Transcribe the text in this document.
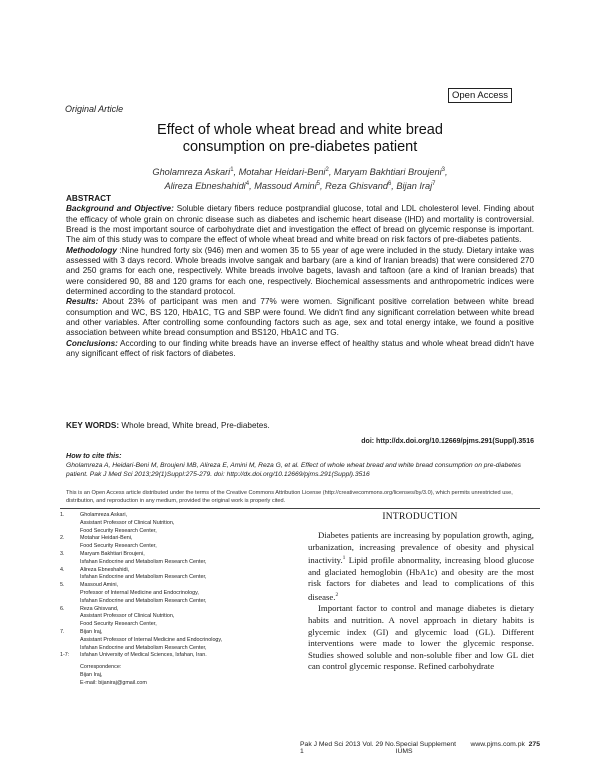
Open Access
Original Article
Effect of whole wheat bread and white bread
consumption on pre-diabetes patient
Gholamreza Askari$^1$, Motahar Heidari-Beni$^2$, Maryam Bakhtiari Broujeni$^3$,
Alireza Ebneshahidi$^4$, Massoud Amini$^5$, Reza Ghisvand$^6$, Bijan Iraj$^7$

ABSTRACT

Background and Objective: Soluble dietary fibers reduce postprandial glucose, total and LDL cholesterol level. Finding about the efficacy of whole grain on chronic disease such as diabetes and ischemic heart disease (IHD) and mortality is controversial. Bread is the most important source of carbohydrate diet and investigation the effect of bread on glycemic response is important. The aim of this study was to compare the effect of whole wheat bread and white bread on risk factors of pre-diabetes patients.

Methodology :Nine hundred forty six (946) men and women 35 to 55 year of age were included in the study. Dietary intake was assessed with 3 days record. Whole breads involve sangak and barbary (are a kind of Iranian breads) that were considered 270 and 250 grams for each one, respectively. White breads involve bagets, lavash and taftoon (are a kind of Iranian breads) that were considered 90, 88 and 120 grams for each one, respectively. Biochemical assessments and anthropometric indices were determined according to the standard protocol.

Results: About 23% of participant was men and 77% were women. Significant positive correlation between white bread consumption and WC, BS 120, HbA1C, TG and SBP were found. We didn't find any significant correlation between white bread and other variables. After controlling some confounding factors such as age, sex and total energy intake, we found a positive association between white bread consumption and BS120, HbA1C and TG.

Conclusions: According to our finding white breads have an inverse effect of healthy status and whole wheat bread didn't have any significant effect of risk factors of diabetes.

KEY WORDS: Whole bread, White bread, Pre-diabetes.
doi: http://dx.doi.org/10.12669/pjms.291(Suppl).3516
How to cite this:
Gholamreza A, Heidari-Beni M, Broujeni MB, Alireza E, Amini M, Reza G, et al. Effect of whole wheat bread and white bread consumption on pre-diabetes patient. Pak J Med Sci 2013;29(1)Suppl:275-279. doi: http://dx.doi.org/10.12669/pjms.291(Suppl).3516
This is an Open Access article distributed under the terms of the Creative Commons Attribution License (http://creativecommons.org/licenses/by/3.0), which permits unrestricted use, distribution, and reproduction in any medium, provided the original work is properly cited.
1.	Gholamreza Askari,
Assistant Professor of Clinical Nutrition,
Food Security Research Center,
2.	Motahar Heidari-Beni,
Food Security Research Center,
3.	Maryam Bakhtiari Broujeni,
Isfahan Endocrine and Metabolism Research Center,
4.	Alireza Ebneshahidi,
Isfahan Endocrine and Metabolism Research Center,
5.	Massoud Amini,
Professor of Internal Medicine and Endocrinology,
Isfahan Endocrine and Metabolism Research Center,
6.	Reza Ghisvand,
Assistant Professor of Clinical Nutrition,
Food Security Research Center,
7.	Bijan Iraj,
Assistant Professor of Internal Medicine and Endocrinology,
Isfahan Endocrine and Metabolism Research Center,
1-7:	Isfahan University of Medical Sciences, Isfahan, Iran.
Correspondence:
Bijan Iraj,
E-mail: bijaniraj@gmail.com
INTRODUCTION

Diabetes patients are increasing by population growth, aging, urbanization, increasing prevalence of obesity and physical inactivity.$^1$ Lipid profile abnormality, increasing blood glucose and glaciated hemoglobin (HbA1c) and obesity are the most risk factors for diabetes and lead to complications of this disease.$^2$

Important factor to control and manage diabetes is dietary habits and nutrition. A novel approach in dietary habits is glycemic index (GI) and glycemic load (GL). Different interventions were made to lower the glycemic response. Studies showed soluble and non-soluble fiber and low GL diet can control glycemic response. Refined carbohydrate

Pak J Med Sci 2013 Vol. 29 No. 1
Special Supplement IUMS
www.pjms.com.pk 275
